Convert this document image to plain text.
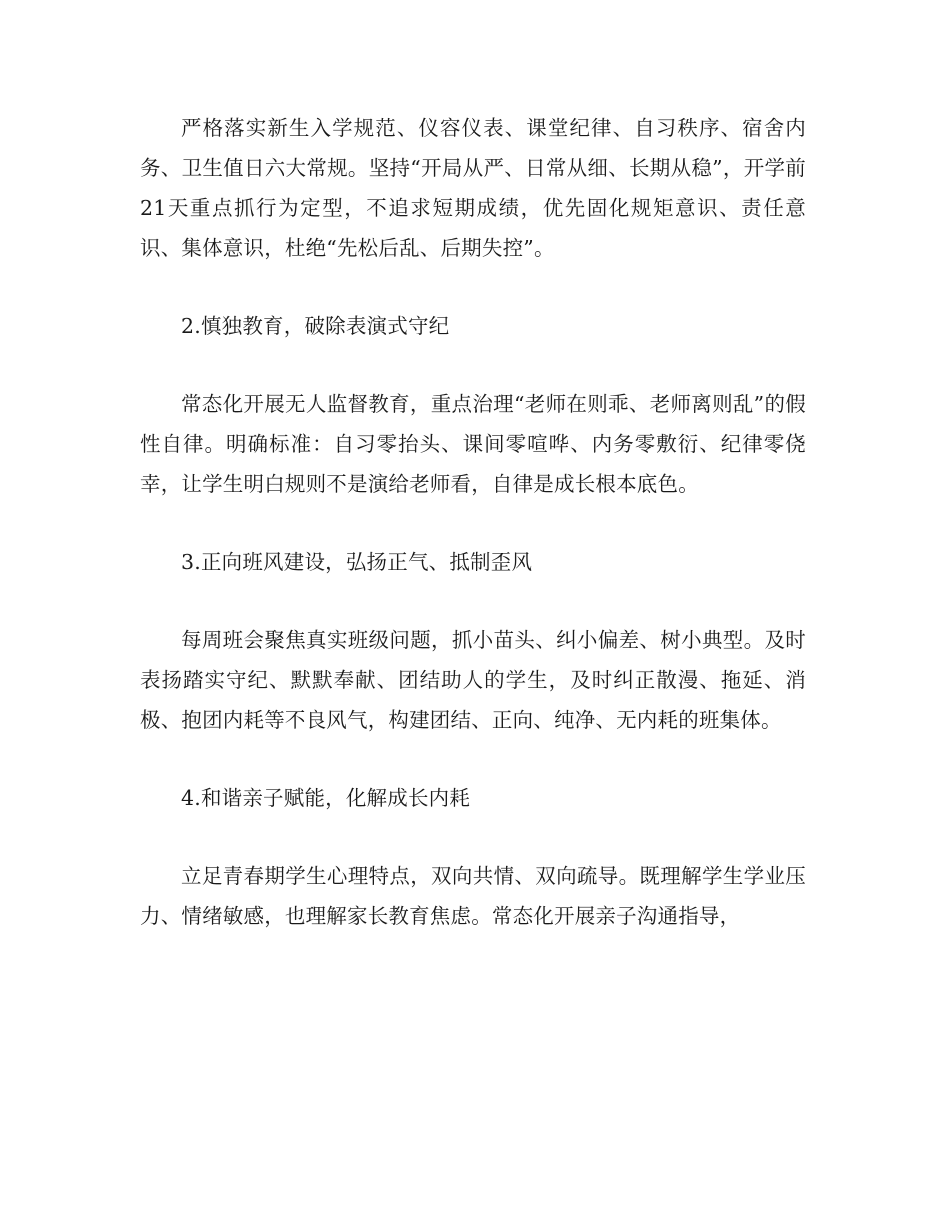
严格落实新生入学规范、仪容仪表、课堂纪律、自习秩序、宿舍内务、卫生值日六大常规。坚持“开局从严、日常从细、长期从稳”，开学前21天重点抓行为定型，不追求短期成绩，优先固化规矩意识、责任意识、集体意识，杜绝“先松后乱、后期失控”。

2.慎独教育，破除表演式守纪

常态化开展无人监督教育，重点治理“老师在则乖、老师离则乱”的假性自律。明确标准：自习零抬头、课间零喧哗、内务零敷衍、纪律零侥幸，让学生明白规则不是演给老师看，自律是成长根本底色。

3.正向班风建设，弘扬正气、抵制歪风

每周班会聚焦真实班级问题，抓小苗头、纠小偏差、树小典型。及时表扬踏实守纪、默默奉献、团结助人的学生，及时纠正散漫、拖延、消极、抱团内耗等不良风气，构建团结、正向、纯净、无内耗的班集体。

4.和谐亲子赋能，化解成长内耗

立足青春期学生心理特点，双向共情、双向疏导。既理解学生学业压力、情绪敏感，也理解家长教育焦虑。常态化开展亲子沟通指导，
